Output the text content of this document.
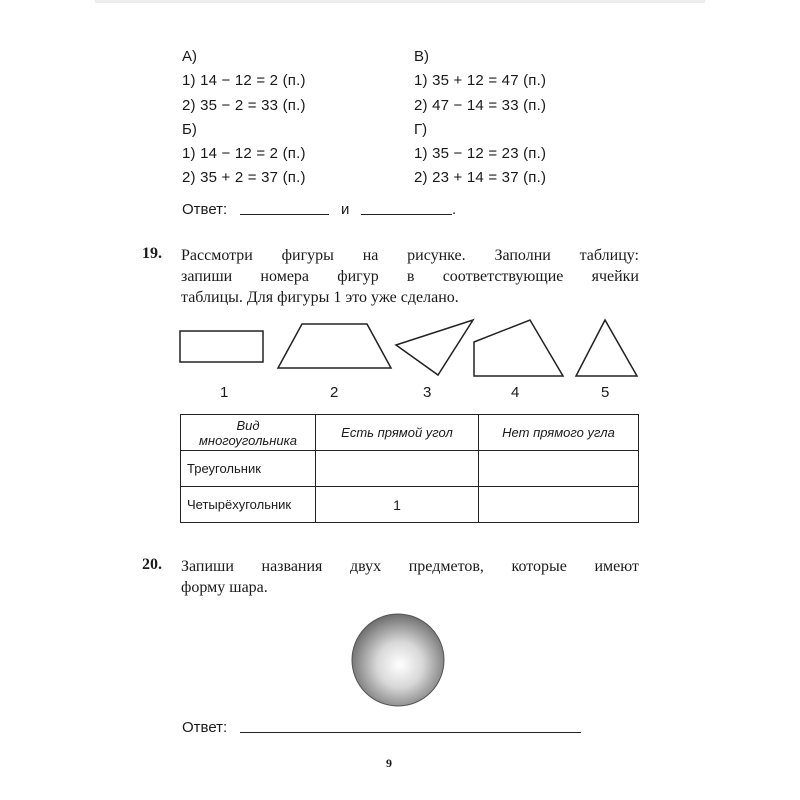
А)
1) 14 − 12 = 2 (п.)
2) 35 − 2 = 33 (п.)
В)
1) 35 + 12 = 47 (п.)
2) 47 − 14 = 33 (п.)
Б)
1) 14 − 12 = 2 (п.)
2) 35 + 2 = 37 (п.)
Г)
1) 35 − 12 = 23 (п.)
2) 23 + 14 = 37 (п.)
Ответ:	и	.
19. Рассмотри фигуры на рисунке. Заполни таблицу:
запиши номера фигур в соответствующие ячейки
таблицы. Для фигуры 1 это уже сделано.
1	2	3	4	5
Вид
многоугольника	Есть прямой угол	Нет прямого угла
Треугольник		
Четырёхугольник	1	
20. Запиши названия двух предметов, которые имеют
форму шара.
Ответ:
9
